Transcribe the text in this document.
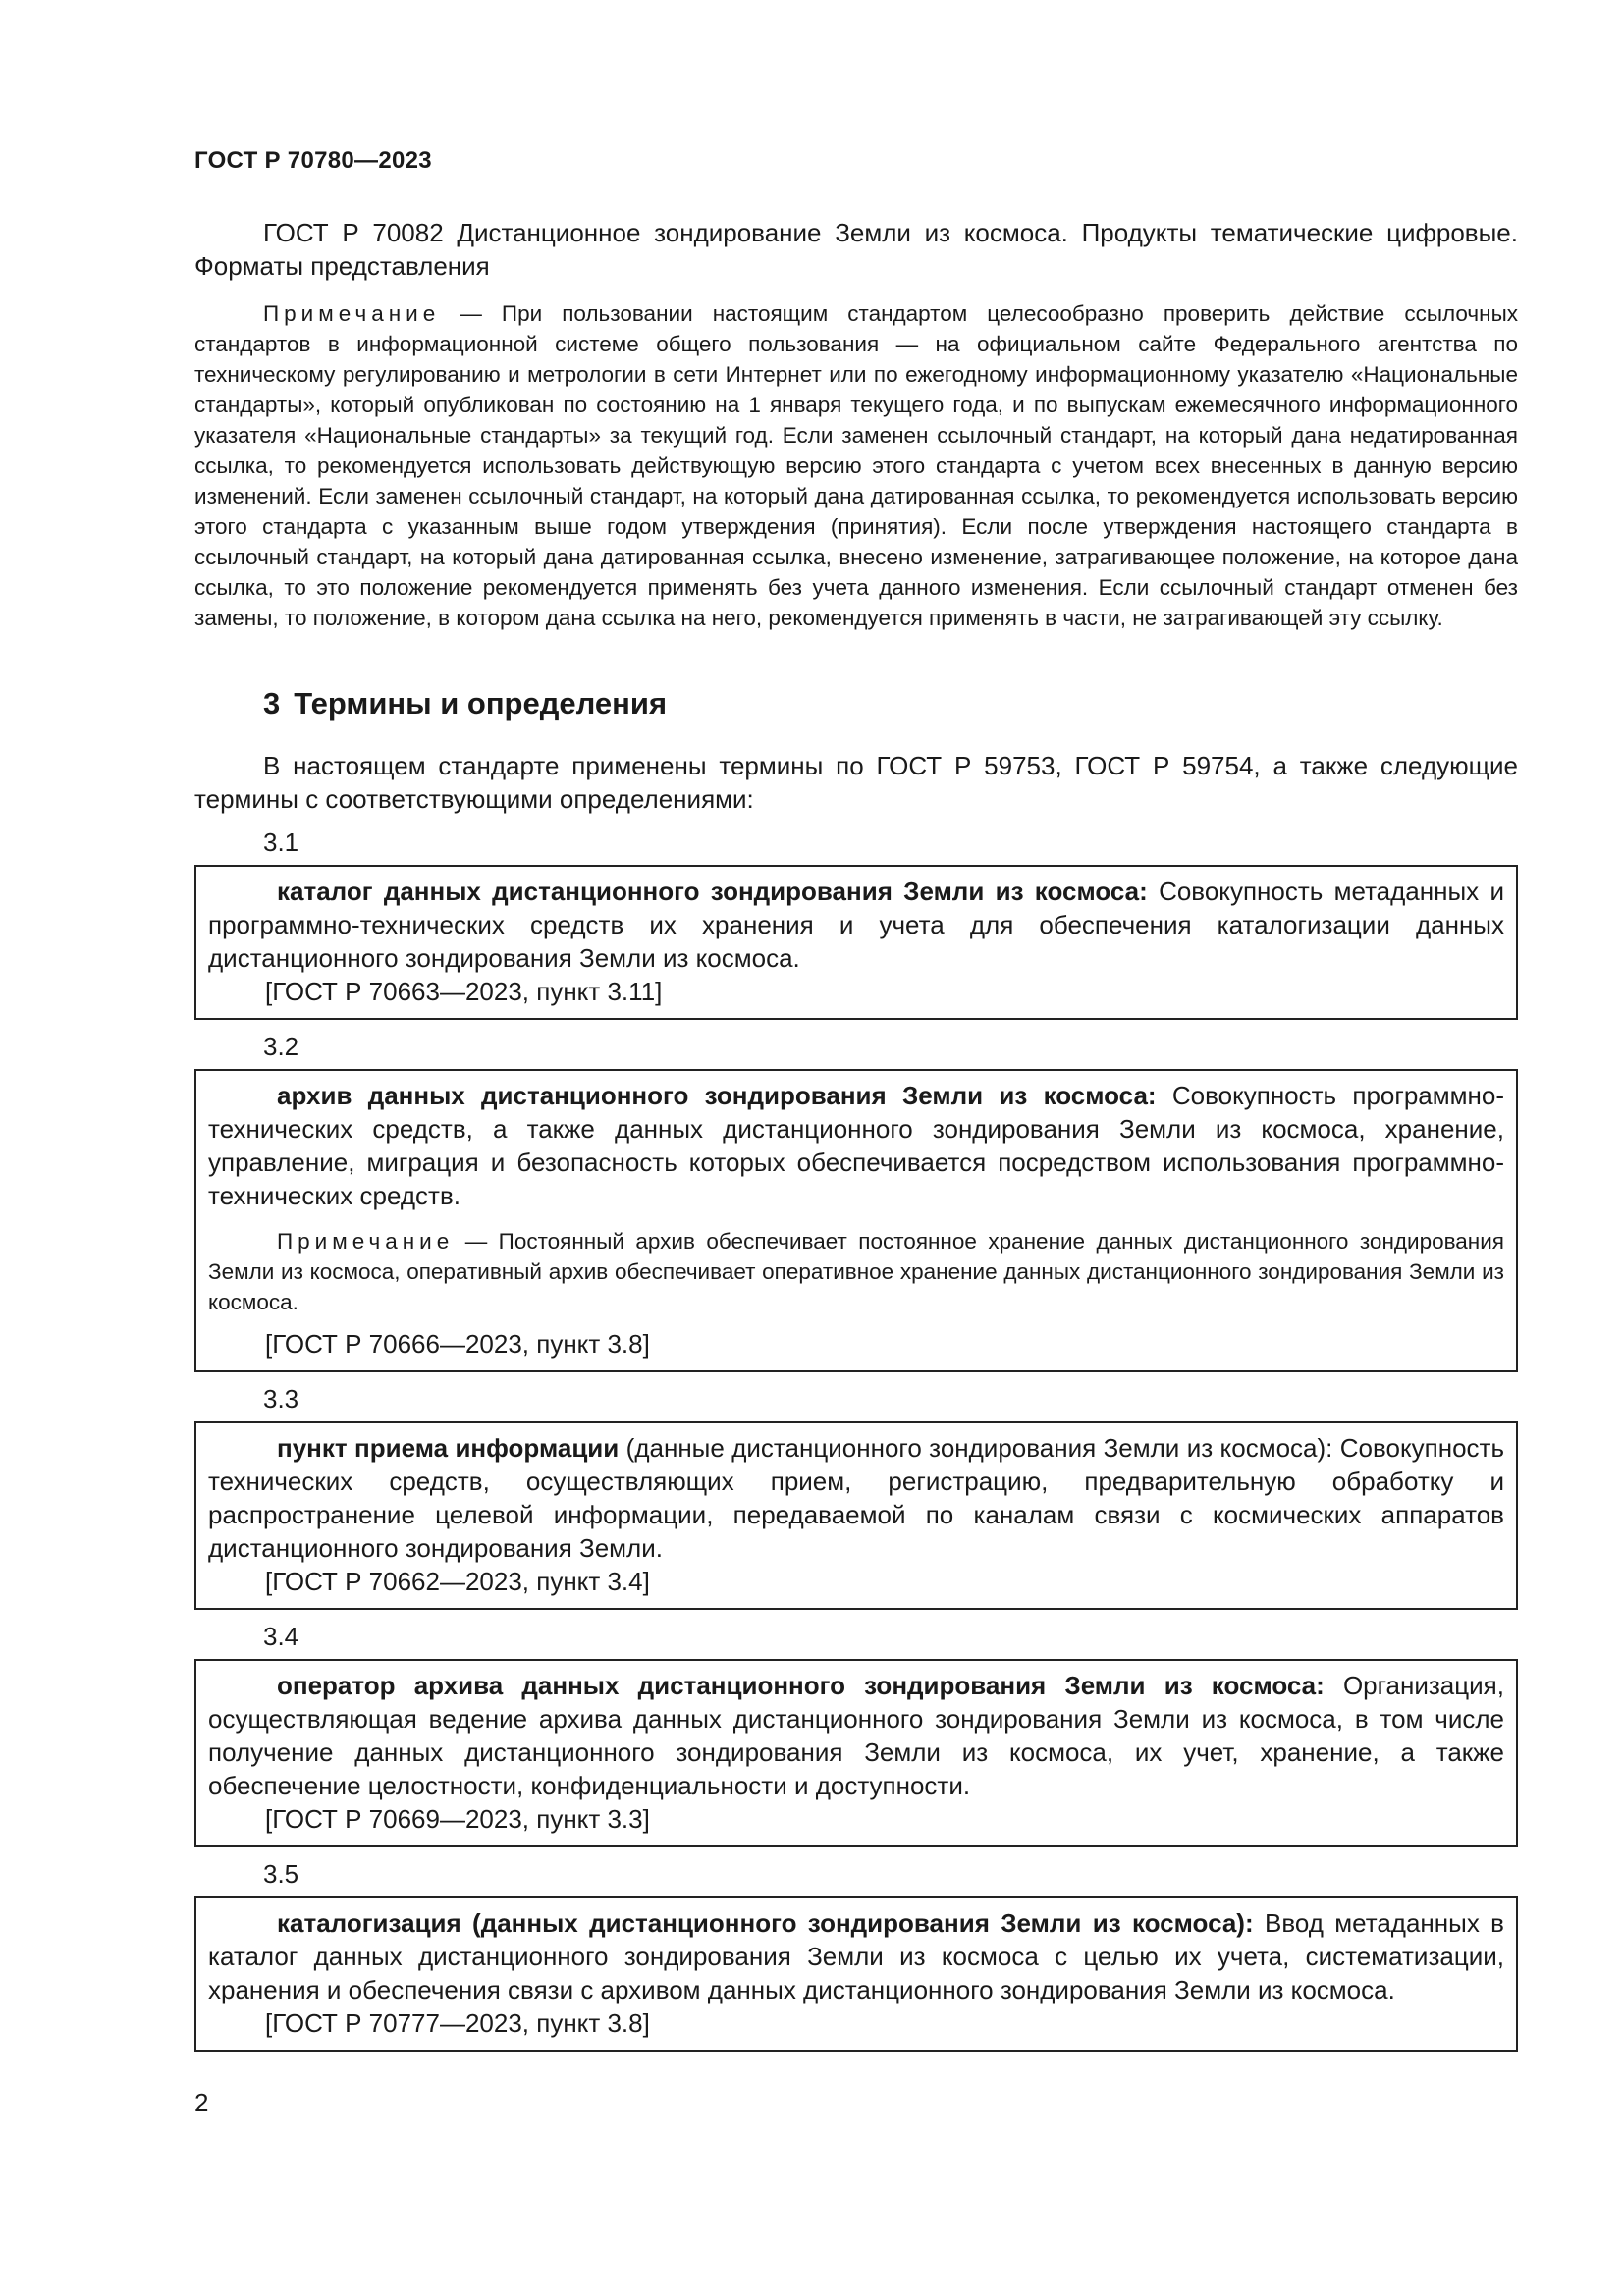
ГОСТ Р 70780—2023

ГОСТ Р 70082 Дистанционное зондирование Земли из космоса. Продукты тематические цифровые. Форматы представления

Примечание — При пользовании настоящим стандартом целесообразно проверить действие ссылочных стандартов в информационной системе общего пользования — на официальном сайте Федерального агентства по техническому регулированию и метрологии в сети Интернет или по ежегодному информационному указателю «Национальные стандарты», который опубликован по состоянию на 1 января текущего года, и по выпускам ежемесячного информационного указателя «Национальные стандарты» за текущий год. Если заменен ссылочный стандарт, на который дана недатированная ссылка, то рекомендуется использовать действующую версию этого стандарта с учетом всех внесенных в данную версию изменений. Если заменен ссылочный стандарт, на который дана датированная ссылка, то рекомендуется использовать версию этого стандарта с указанным выше годом утверждения (принятия). Если после утверждения настоящего стандарта в ссылочный стандарт, на который дана датированная ссылка, внесено изменение, затрагивающее положение, на которое дана ссылка, то это положение рекомендуется применять без учета данного изменения. Если ссылочный стандарт отменен без замены, то положение, в котором дана ссылка на него, рекомендуется применять в части, не затрагивающей эту ссылку.

3 Термины и определения

В настоящем стандарте применены термины по ГОСТ Р 59753, ГОСТ Р 59754, а также следующие термины с соответствующими определениями:

3.1

каталог данных дистанционного зондирования Земли из космоса: Совокупность метаданных и программно-технических средств их хранения и учета для обеспечения каталогизации данных дистанционного зондирования Земли из космоса.

[ГОСТ Р 70663—2023, пункт 3.11]
3.2

архив данных дистанционного зондирования Земли из космоса: Совокупность программно-технических средств, а также данных дистанционного зондирования Земли из космоса, хранение, управление, миграция и безопасность которых обеспечивается посредством использования программно-технических средств.

Примечание — Постоянный архив обеспечивает постоянное хранение данных дистанционного зондирования Земли из космоса, оперативный архив обеспечивает оперативное хранение данных дистанционного зондирования Земли из космоса.

[ГОСТ Р 70666—2023, пункт 3.8]
3.3

пункт приема информации (данные дистанционного зондирования Земли из космоса): Совокупность технических средств, осуществляющих прием, регистрацию, предварительную обработку и распространение целевой информации, передаваемой по каналам связи с космических аппаратов дистанционного зондирования Земли.

[ГОСТ Р 70662—2023, пункт 3.4]
3.4

оператор архива данных дистанционного зондирования Земли из космоса: Организация, осуществляющая ведение архива данных дистанционного зондирования Земли из космоса, в том числе получение данных дистанционного зондирования Земли из космоса, их учет, хранение, а также обеспечение целостности, конфиденциальности и доступности.

[ГОСТ Р 70669—2023, пункт 3.3]
3.5

каталогизация (данных дистанционного зондирования Земли из космоса): Ввод метаданных в каталог данных дистанционного зондирования Земли из космоса с целью их учета, систематизации, хранения и обеспечения связи с архивом данных дистанционного зондирования Земли из космоса.

[ГОСТ Р 70777—2023, пункт 3.8]
2
